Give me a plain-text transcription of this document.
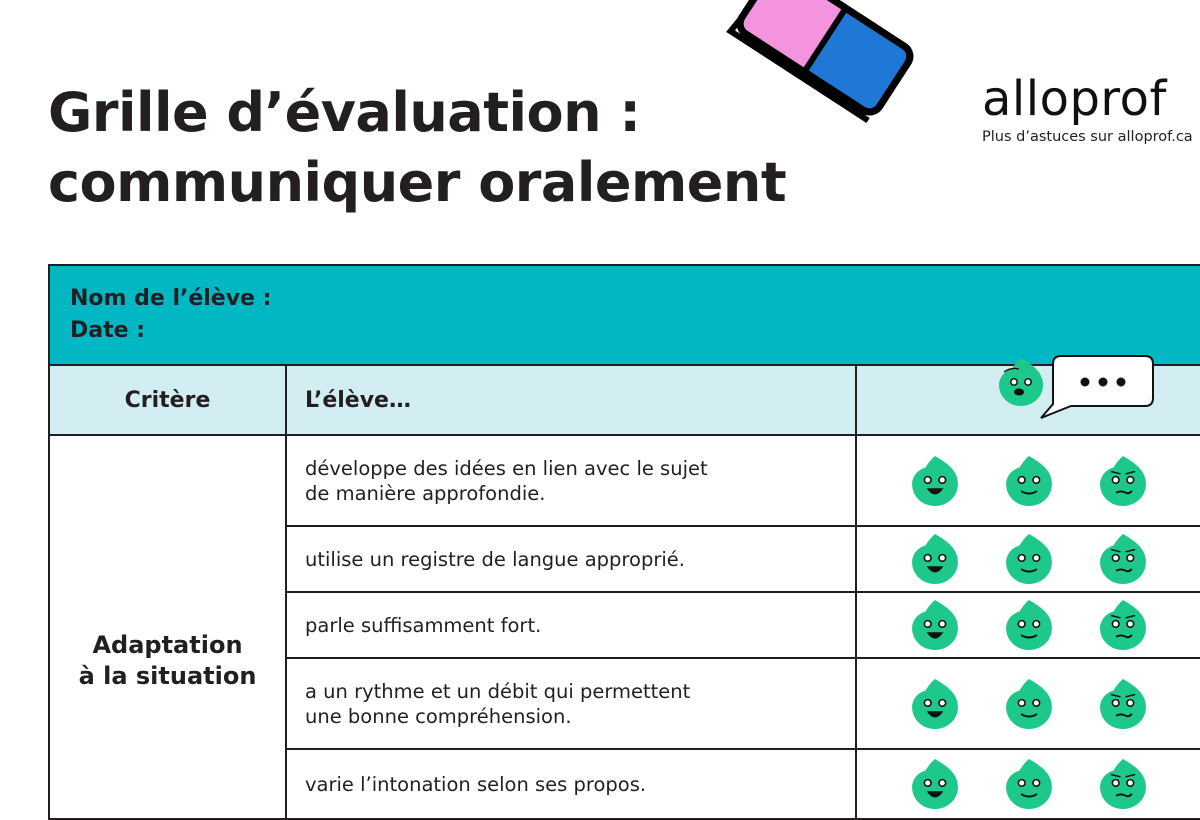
Grille d’évaluation :
communiquer oralement
alloprof
Plus d’astuces sur alloprof.ca
Nom de l’élève :
Date :		

Critère	L’élève…	

Adaptation
à la situation	développe des idées en lien avec le sujet
de manière approfondie.

	utilise un registre de langue approprié.

	parle suffisamment fort.

	a un rythme et un débit qui permettent
une bonne compréhension.

	varie l’intonation selon ses propos.
